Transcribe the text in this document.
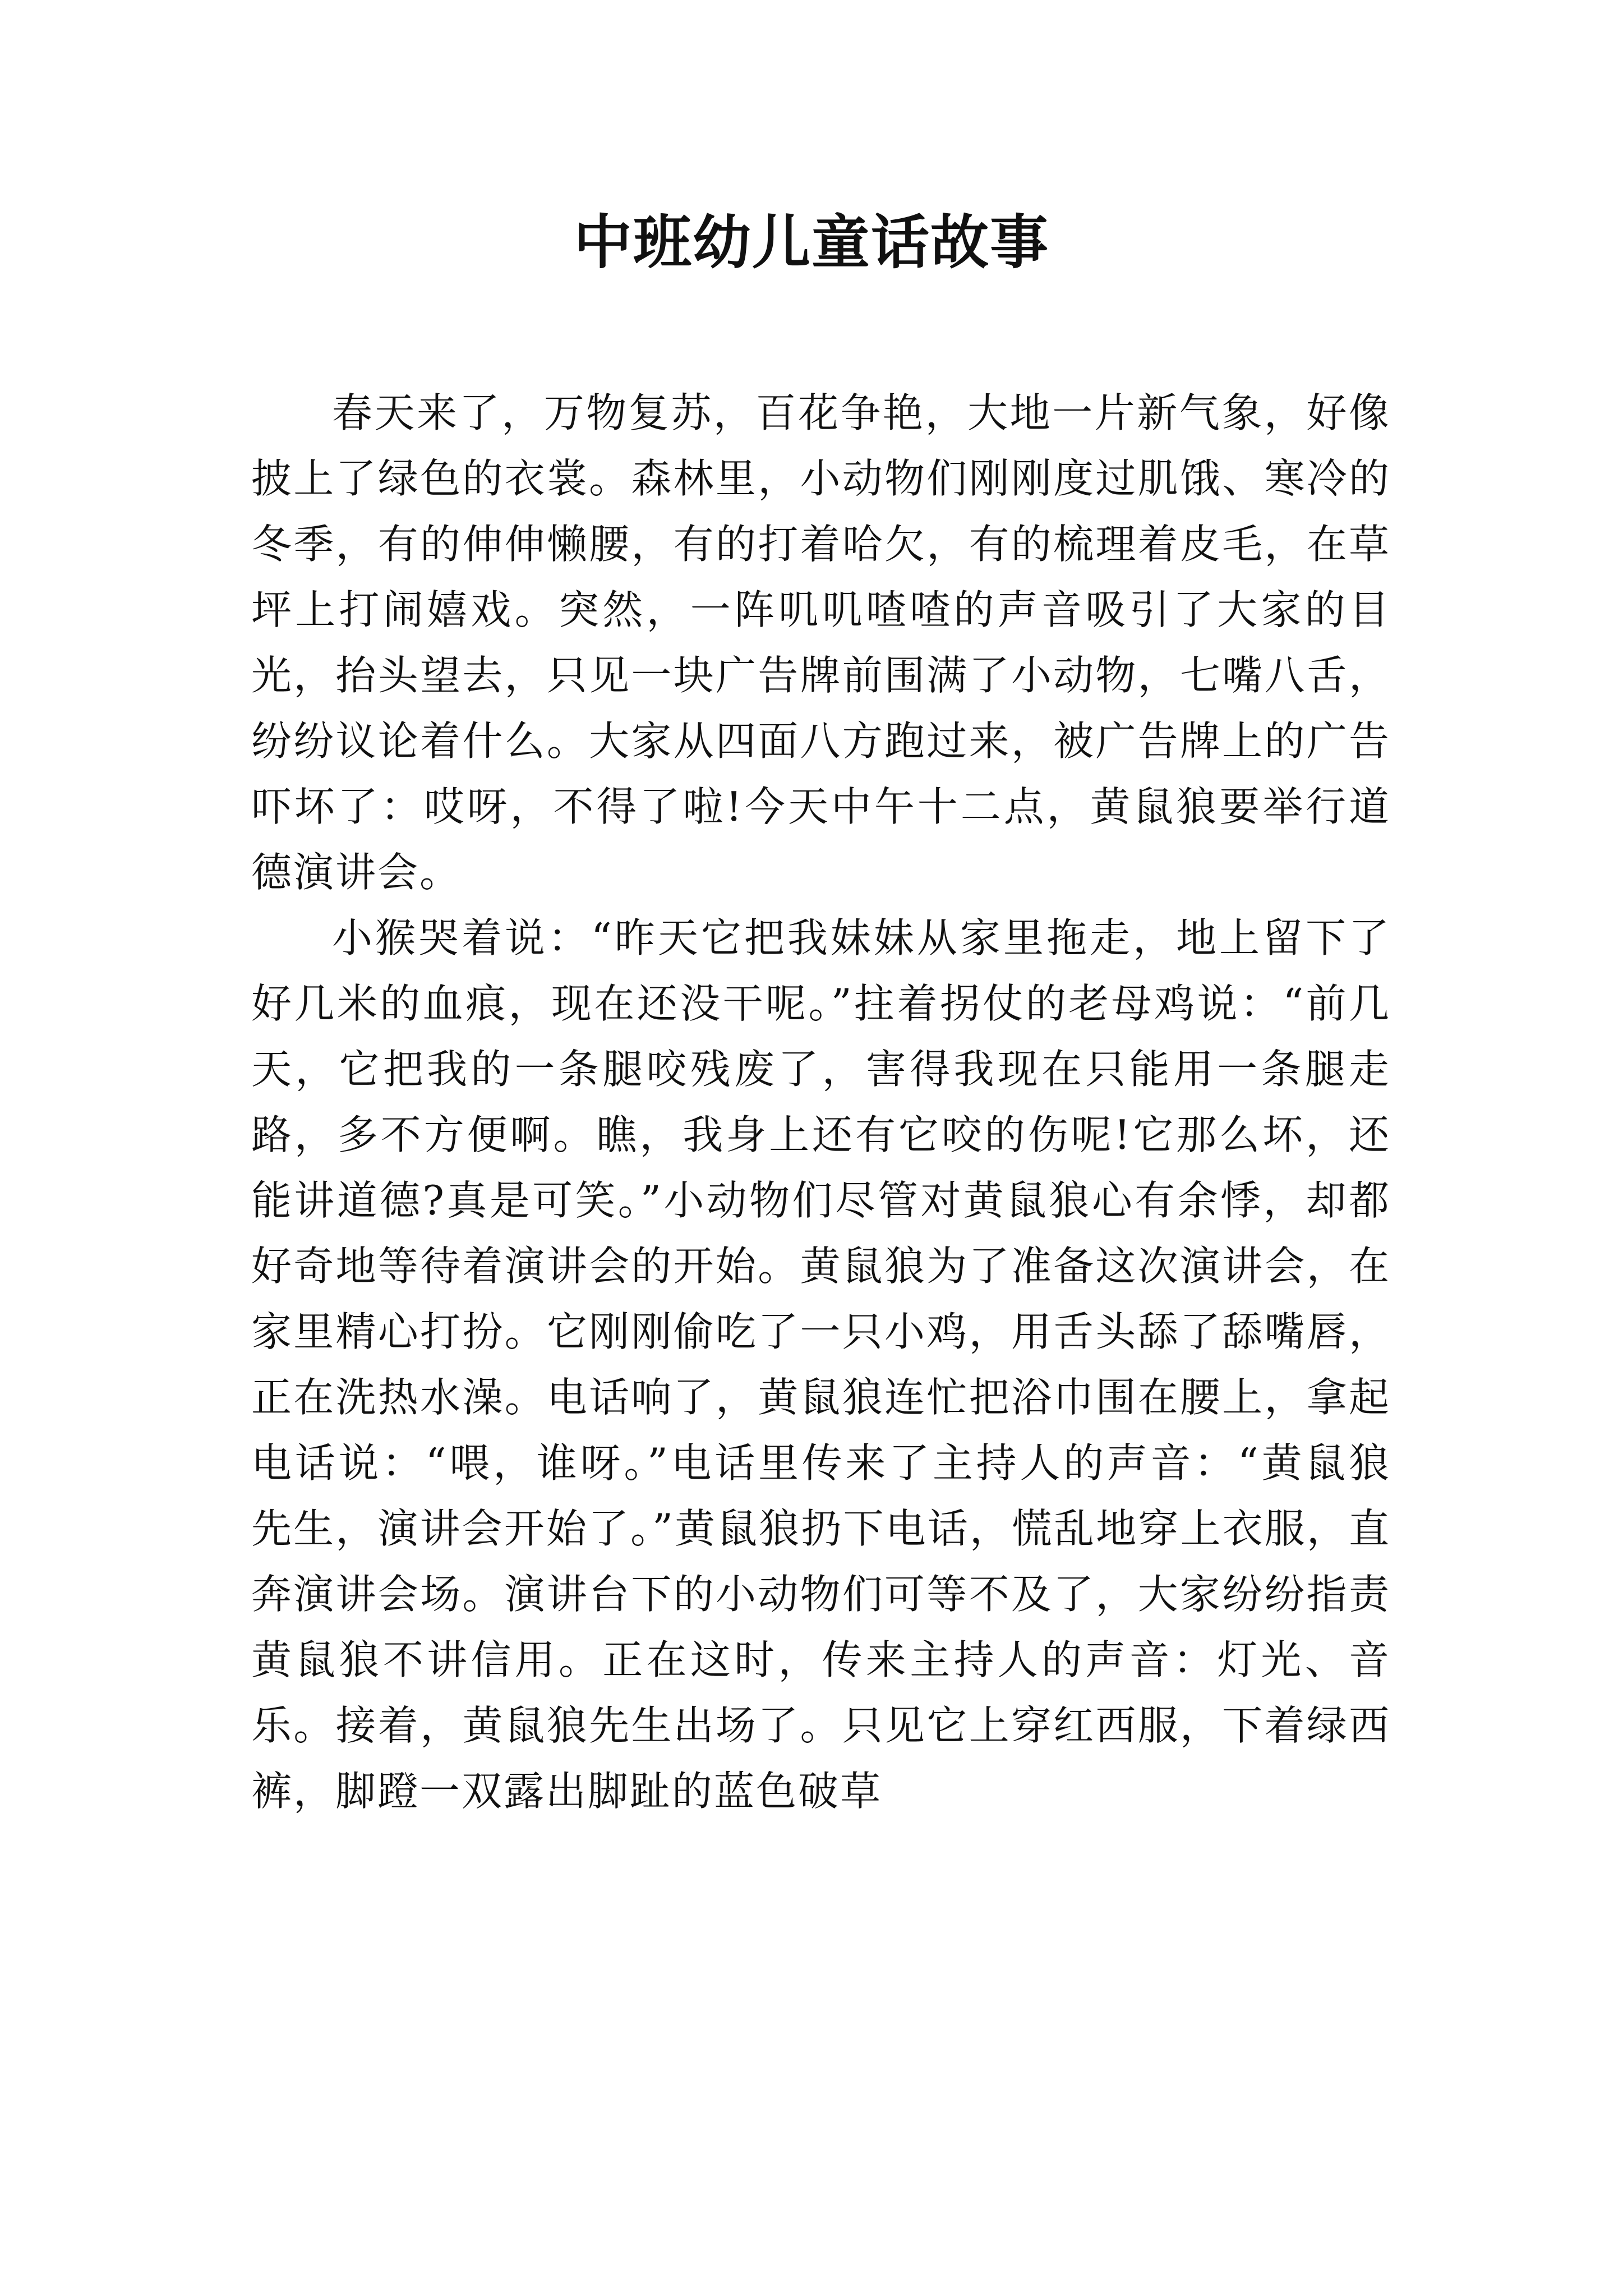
中班幼儿童话故事

春天来了，万物复苏，百花争艳，大地一片新气象，好像披上了绿色的衣裳。森林里，小动物们刚刚度过肌饿、寒冷的冬季，有的伸伸懒腰，有的打着哈欠，有的梳理着皮毛，在草坪上打闹嬉戏。突然，一阵叽叽喳喳的声音吸引了大家的目光，抬头望去，只见一块广告牌前围满了小动物，七嘴八舌，纷纷议论着什么。大家从四面八方跑过来，被广告牌上的广告吓坏了：哎呀，不得了啦!今天中午十二点，黄鼠狼要举行道德演讲会。

小猴哭着说：“昨天它把我妹妹从家里拖走，地上留下了好几米的血痕，现在还没干呢。”拄着拐仗的老母鸡说：“前几天，它把我的一条腿咬残废了，害得我现在只能用一条腿走路，多不方便啊。瞧，我身上还有它咬的伤呢!它那么坏，还能讲道德?真是可笑。”小动物们尽管对黄鼠狼心有余悸，却都好奇地等待着演讲会的开始。黄鼠狼为了准备这次演讲会，在家里精心打扮。它刚刚偷吃了一只小鸡，用舌头舔了舔嘴唇，正在洗热水澡。电话响了，黄鼠狼连忙把浴巾围在腰上，拿起电话说：“喂，谁呀。”电话里传来了主持人的声音：“黄鼠狼先生，演讲会开始了。”黄鼠狼扔下电话，慌乱地穿上衣服，直奔演讲会场。演讲台下的小动物们可等不及了，大家纷纷指责黄鼠狼不讲信用。正在这时，传来主持人的声音：灯光、音乐。接着，黄鼠狼先生出场了。只见它上穿红西服，下着绿西裤，脚蹬一双露出脚趾的蓝色破草
